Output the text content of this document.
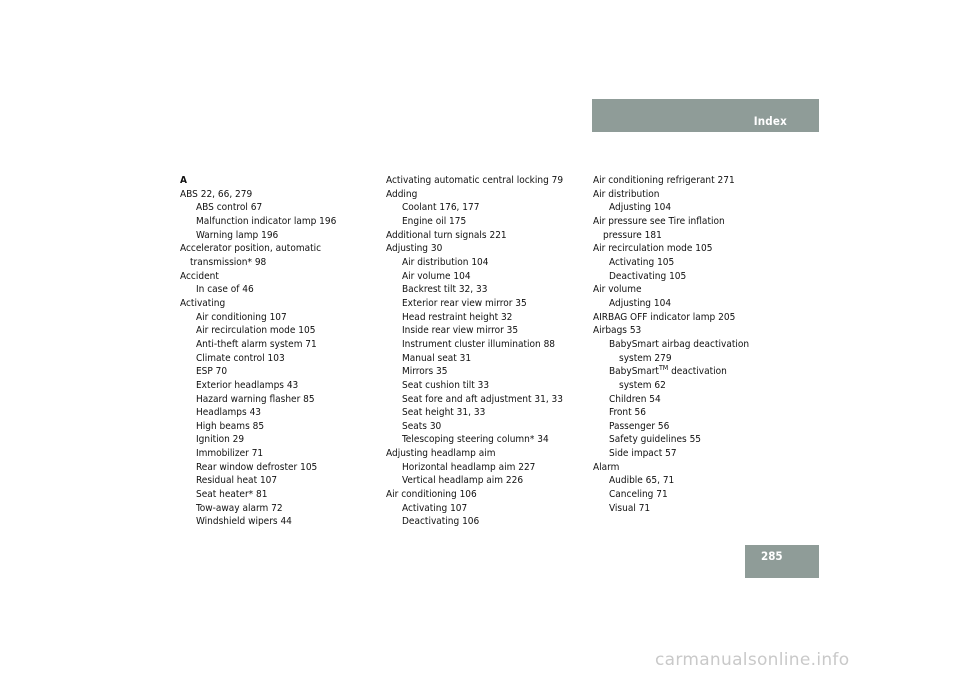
Index
A
ABS 22, 66, 279
ABS control 67
Malfunction indicator lamp 196
Warning lamp 196
Accelerator position, automatic
transmission* 98
Accident
In case of 46
Activating
Air conditioning 107
Air recirculation mode 105
Anti-theft alarm system 71
Climate control 103
ESP 70
Exterior headlamps 43
Hazard warning flasher 85
Headlamps 43
High beams 85
Ignition 29
Immobilizer 71
Rear window defroster 105
Residual heat 107
Seat heater* 81
Tow-away alarm 72
Windshield wipers 44
Activating automatic central locking 79
Adding
Coolant 176, 177
Engine oil 175
Additional turn signals 221
Adjusting 30
Air distribution 104
Air volume 104
Backrest tilt 32, 33
Exterior rear view mirror 35
Head restraint height 32
Inside rear view mirror 35
Instrument cluster illumination 88
Manual seat 31
Mirrors 35
Seat cushion tilt 33
Seat fore and aft adjustment 31, 33
Seat height 31, 33
Seats 30
Telescoping steering column* 34
Adjusting headlamp aim
Horizontal headlamp aim 227
Vertical headlamp aim 226
Air conditioning 106
Activating 107
Deactivating 106
Air conditioning refrigerant 271
Air distribution
Adjusting 104
Air pressure see Tire inflation
pressure 181
Air recirculation mode 105
Activating 105
Deactivating 105
Air volume
Adjusting 104
AIRBAG OFF indicator lamp 205
Airbags 53
BabySmart airbag deactivation
system 279
BabySmart™ deactivation
system 62
Children 54
Front 56
Passenger 56
Safety guidelines 55
Side impact 57
Alarm
Audible 65, 71
Canceling 71
Visual 71
285
carmanualsonline.info
